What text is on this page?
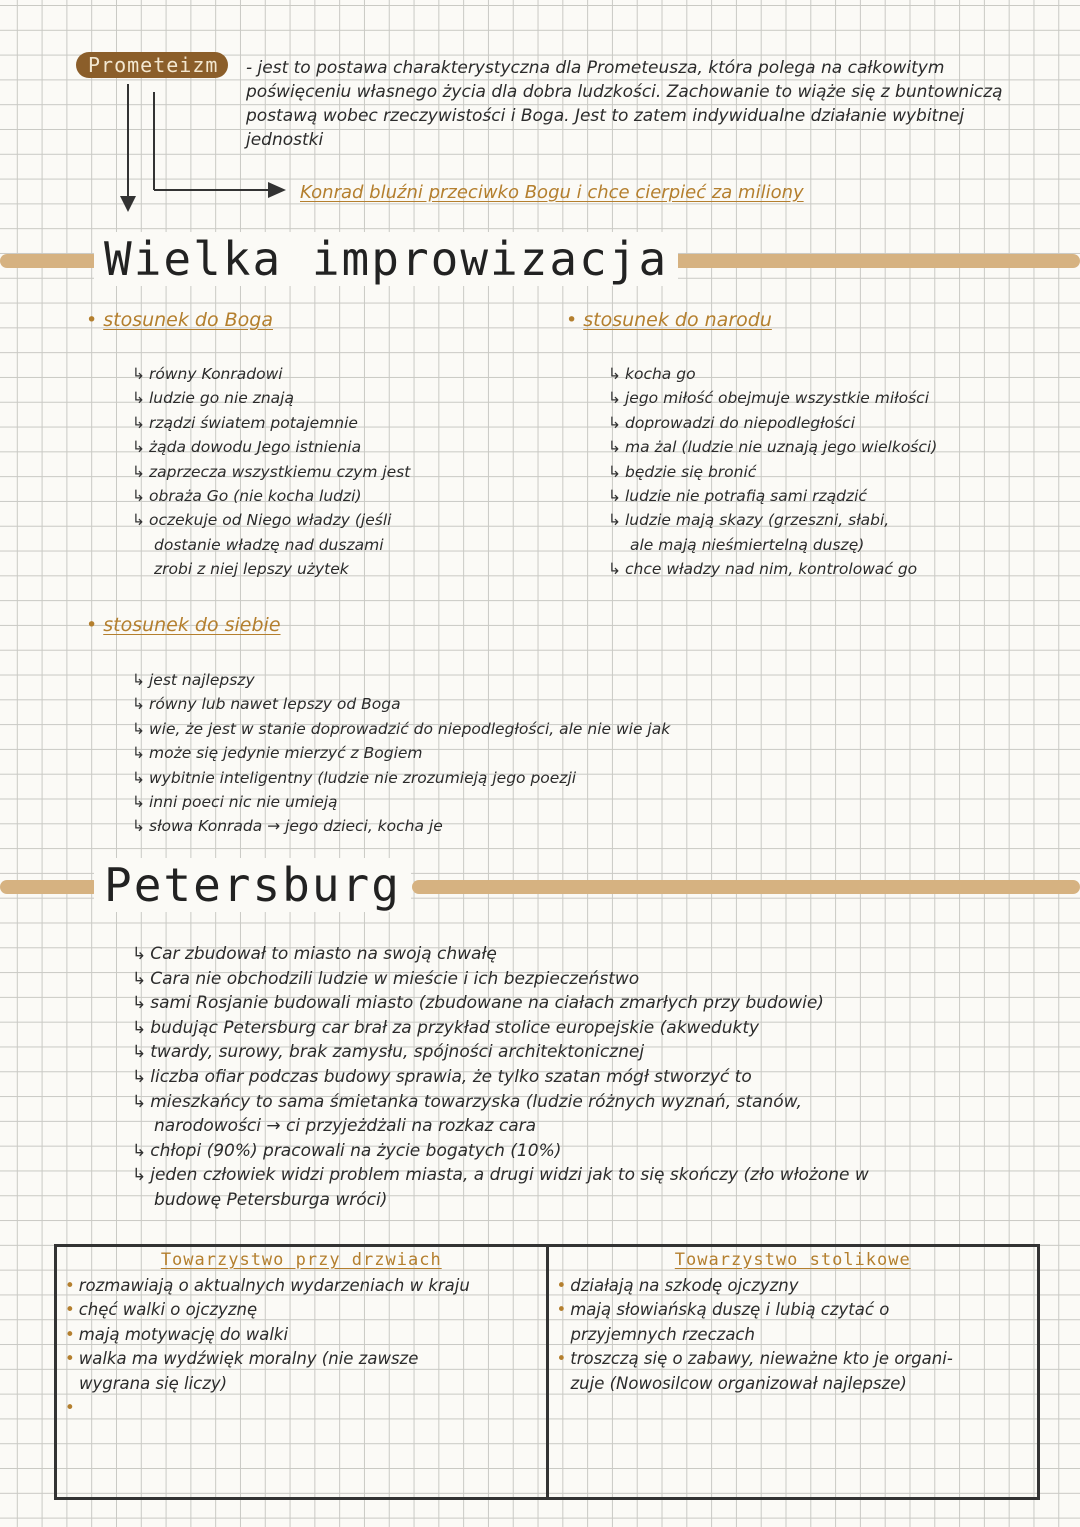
Prometeizm	- jest to postawa charakterystyczna dla Prometeusza, która polega na całkowitym poświęceniu własnego życia dla dobra ludzkości. Zachowanie to wiąże się z buntowniczą postawą wobec rzeczywistości i Boga. Jest to zatem indywidualne działanie wybitnej jednostki
Konrad bluźni przeciwko Bogu i chce cierpieć za miliony
Wielka improwizacja
• stosunek do Boga
↳ równy Konradowi
↳ ludzie go nie znają
↳ rządzi światem potajemnie
↳ żąda dowodu Jego istnienia
↳ zaprzecza wszystkiemu czym jest
↳ obraża Go (nie kocha ludzi)
↳ oczekuje od Niego władzy (jeśli
dostanie władzę nad duszami
zrobi z niej lepszy użytek
• stosunek do narodu
↳ kocha go
↳ jego miłość obejmuje wszystkie miłości
↳ doprowadzi do niepodległości
↳ ma żal (ludzie nie uznają jego wielkości)
↳ będzie się bronić
↳ ludzie nie potrafią sami rządzić
↳ ludzie mają skazy (grzeszni, słabi,
ale mają nieśmiertelną duszę)
↳ chce władzy nad nim, kontrolować go
• stosunek do siebie
↳ jest najlepszy
↳ równy lub nawet lepszy od Boga
↳ wie, że jest w stanie doprowadzić do niepodległości, ale nie wie jak
↳ może się jedynie mierzyć z Bogiem
↳ wybitnie inteligentny (ludzie nie zrozumieją jego poezji
↳ inni poeci nic nie umieją
↳ słowa Konrada → jego dzieci, kocha je
Petersburg
↳ Car zbudował to miasto na swoją chwałę
↳ Cara nie obchodzili ludzie w mieście i ich bezpieczeństwo
↳ sami Rosjanie budowali miasto (zbudowane na ciałach zmarłych przy budowie)
↳ budując Petersburg car brał za przykład stolice europejskie (akwedukty
↳ twardy, surowy, brak zamysłu, spójności architektonicznej
↳ liczba ofiar podczas budowy sprawia, że tylko szatan mógł stworzyć to
↳ mieszkańcy to sama śmietanka towarzyska (ludzie różnych wyznań, stanów,
narodowości → ci przyjeżdżali na rozkaz cara
↳ chłopi (90%) pracowali na życie bogatych (10%)
↳ jeden człowiek widzi problem miasta, a drugi widzi jak to się skończy (zło włożone w
budowę Petersburga wróci)
Towarzystwo przy drzwiach
• rozmawiają o aktualnych wydarzeniach w kraju
• chęć walki o ojczyznę
• mają motywację do walki
• walka ma wydźwięk moralny (nie zawsze
wygrana się liczy)
•
Towarzystwo stolikowe
• działają na szkodę ojczyzny
• mają słowiańską duszę i lubią czytać o
przyjemnych rzeczach
• troszczą się o zabawy, nieważne kto je organi-
zuje (Nowosilcow organizował najlepsze)
